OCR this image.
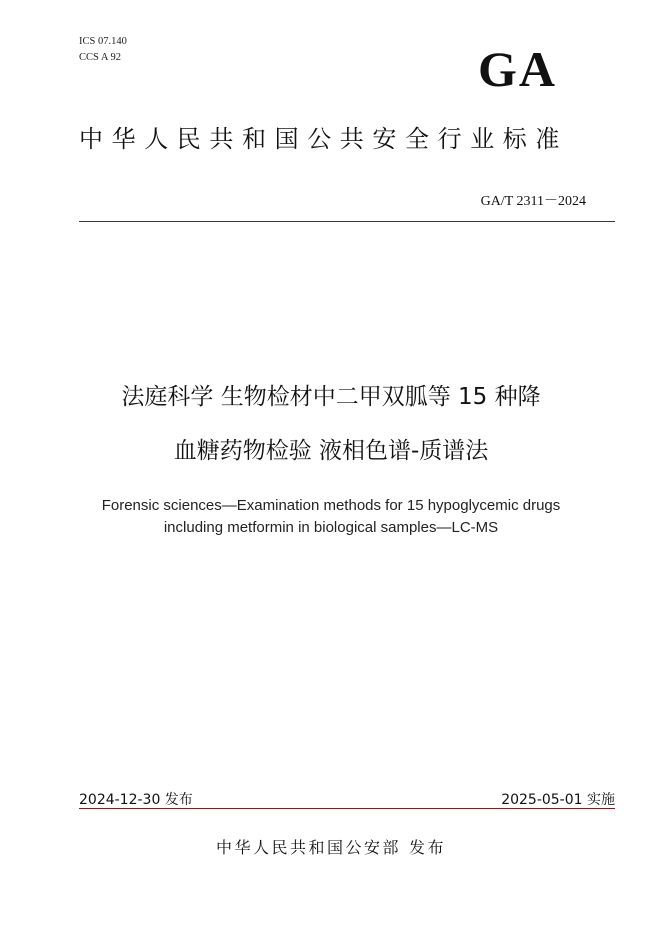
ICS 07.140
CCS A 92	GA
中华人民共和国公共安全行业标准
GA/T 2311－2024
法庭科学 生物检材中二甲双胍等 15 种降
血糖药物检验 液相色谱-质谱法
Forensic sciences—Examination methods for 15 hypoglycemic drugs
including metformin in biological samples—LC-MS
2024-12-30 发布	2025-05-01 实施
中华人民共和国公安部 发布
